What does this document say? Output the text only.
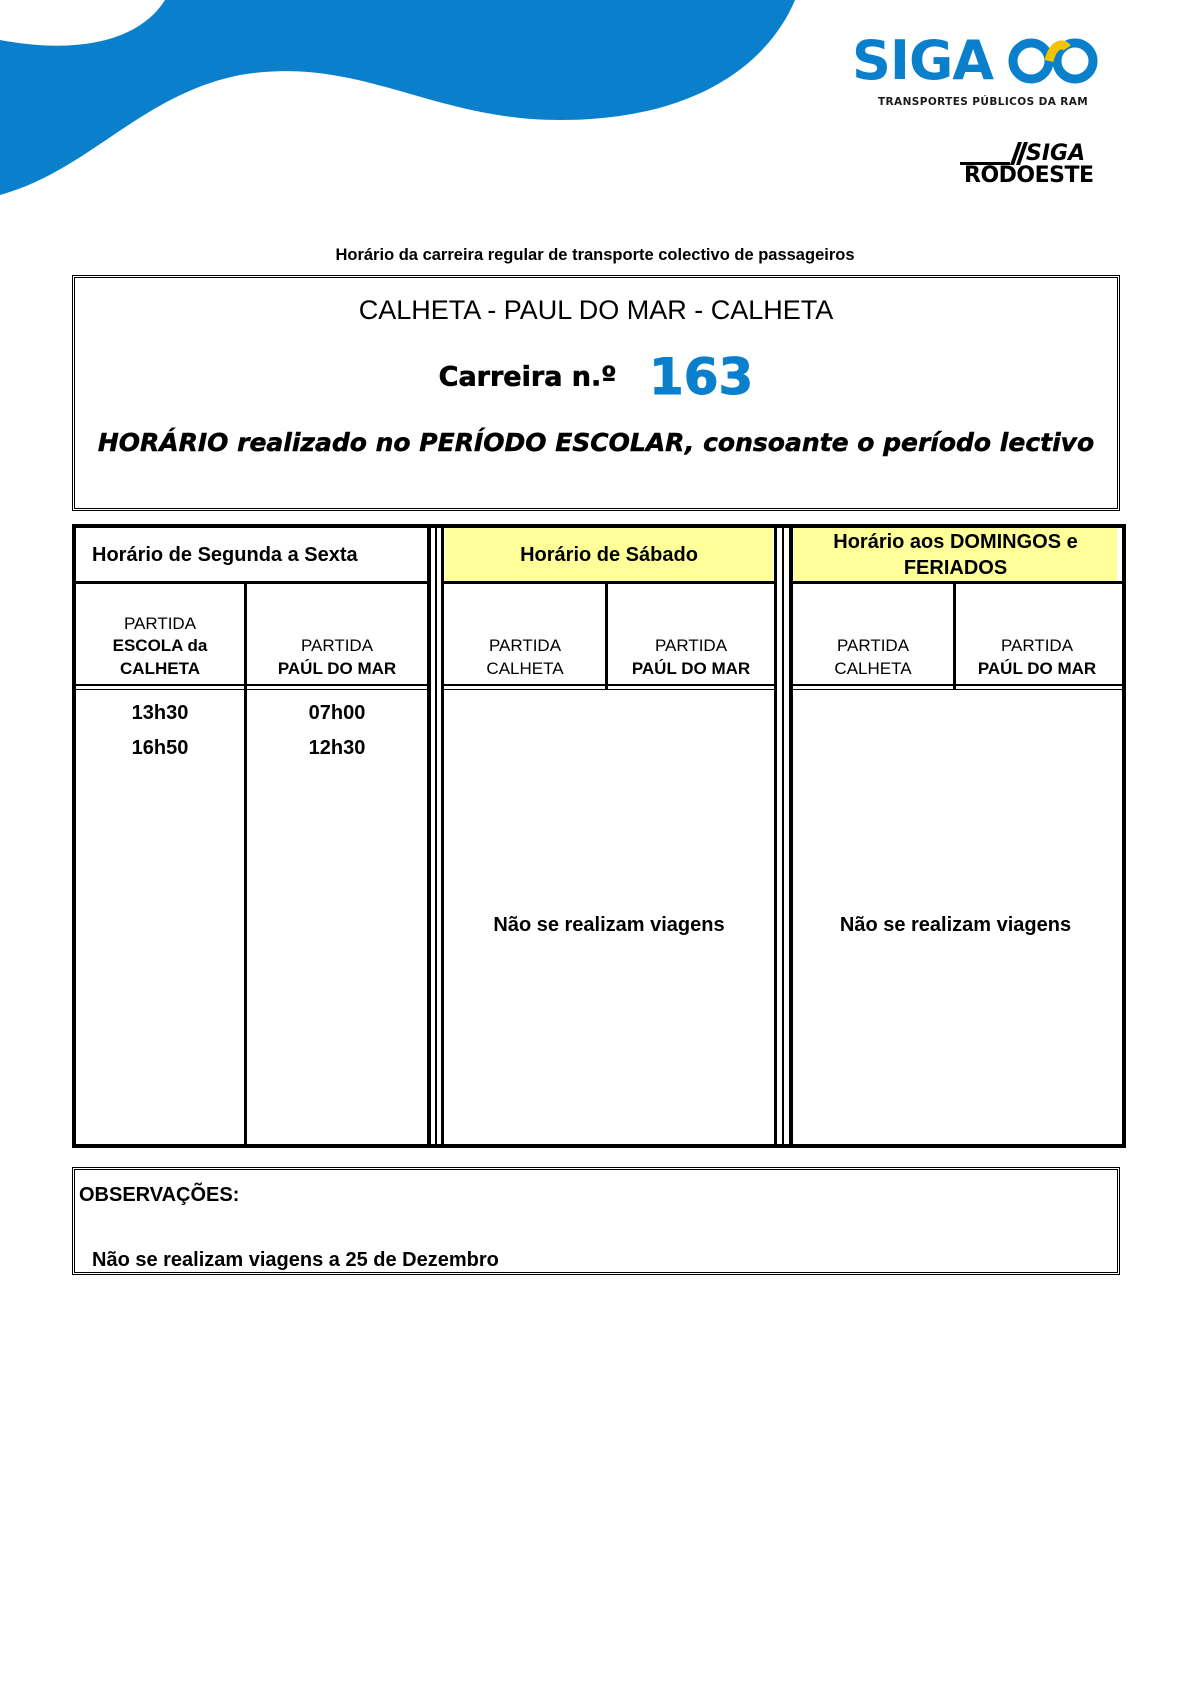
SIGA
TRANSPORTES PÚBLICOS DA RAM
SIGA
RODOESTE
Horário da carreira regular de transporte colectivo de passageiros
CALHETA - PAUL DO MAR - CALHETA
Carreira n.º 163
HORÁRIO realizado no PERÍODO ESCOLAR, consoante o período lectivo
Horário de Sábado
Horário aos DOMINGOS e FERIADOS
Horário de Segunda a Sexta
PARTIDA
ESCOLA da
CALHETA
PARTIDA
PAÚL DO MAR
PARTIDA
CALHETA
PARTIDA
PAÚL DO MAR
PARTIDA
CALHETA
PARTIDA
PAÚL DO MAR
13h30
16h50
07h00
12h30
Não se realizam viagens	Não se realizam viagens
OBSERVAÇÕES:
Não se realizam viagens a 25 de Dezembro
